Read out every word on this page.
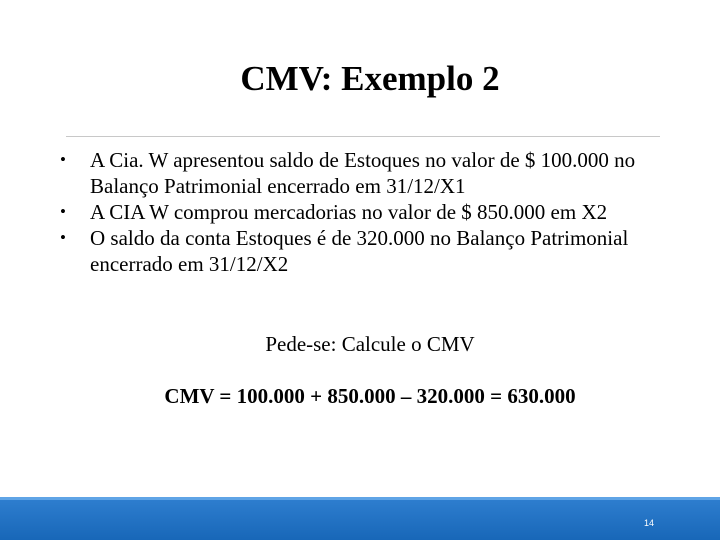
CMV: Exemplo 2
• A Cia. W apresentou saldo de Estoques no valor de $ 100.000 no Balanço Patrimonial encerrado em 31/12/X1
• A CIA W comprou mercadorias no valor de $ 850.000 em X2
• O saldo da conta Estoques é de 320.000 no Balanço Patrimonial encerrado em 31/12/X2
Pede-se: Calcule o CMV
CMV = 100.000 + 850.000 – 320.000 = 630.000
14
